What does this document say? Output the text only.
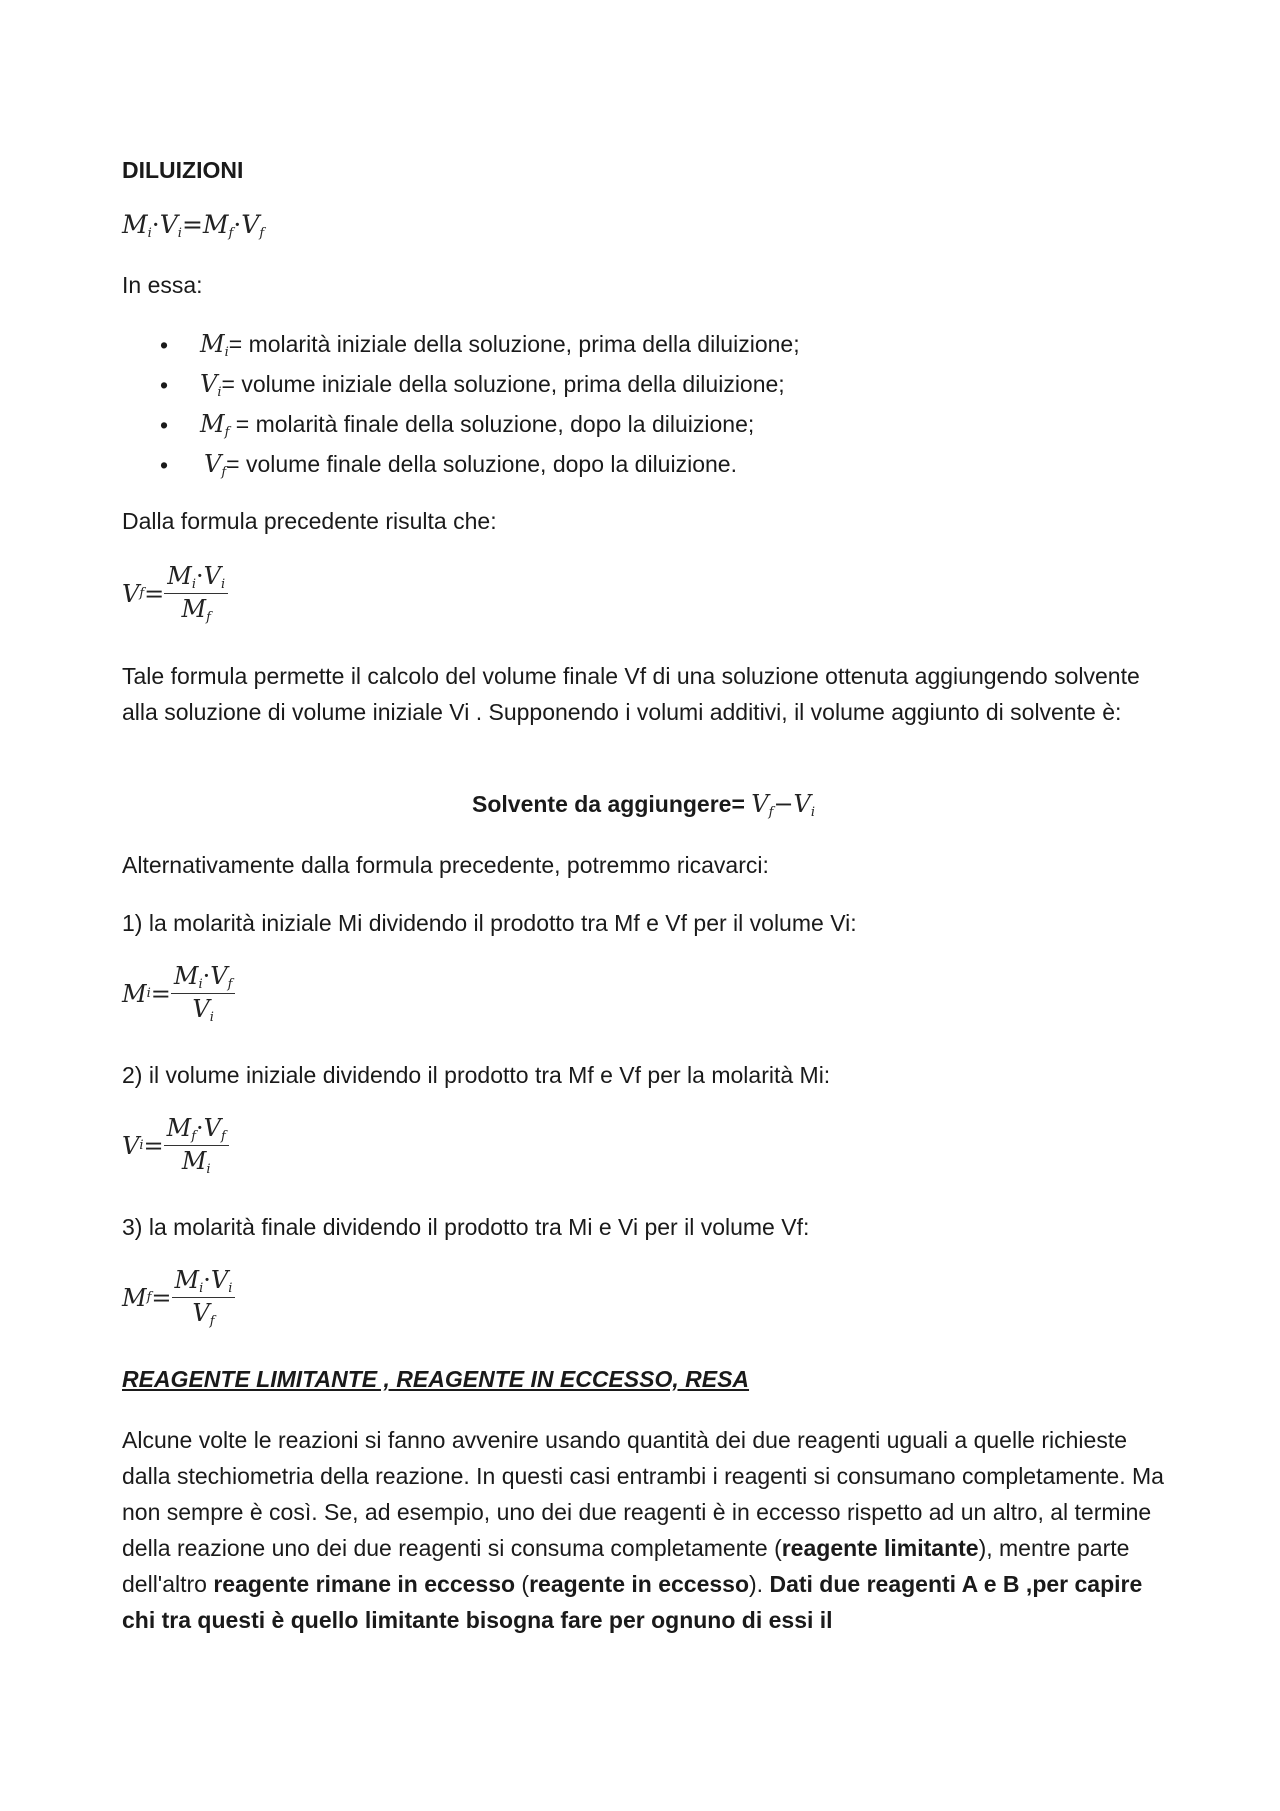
DILUIZIONI
$M_i\cdot V_i=M_f\cdot V_f$
In essa:
• $M_i=$ molarità iniziale della soluzione, prima della diluizione;
• $V_i=$ volume iniziale della soluzione, prima della diluizione;
• $M_f$ = molarità finale della soluzione, dopo la diluizione;
• $V_f=$ volume finale della soluzione, dopo la diluizione.
Dalla formula precedente risulta che:
V $f = \frac{M_i\cdot V_i}{M_f}$
Tale formula permette il calcolo del volume finale Vf di una soluzione ottenuta aggiungendo solvente alla soluzione di volume iniziale Vi . Supponendo i volumi additivi, il volume aggiunto di solvente è:
Solvente da aggiungere= $V_f-V_i$
Alternativamente dalla formula precedente, potremmo ricavarci:
1) la molarità iniziale Mi dividendo il prodotto tra Mf e Vf per il volume Vi:
M $i = \frac{M_i\cdot V_f}{V_i}$
2) il volume iniziale dividendo il prodotto tra Mf e Vf per la molarità Mi:
V $i = \frac{M_f\cdot V_f}{M_i}$
3) la molarità finale dividendo il prodotto tra Mi e Vi per il volume Vf:
M $f = \frac{M_i\cdot V_i}{V_f}$
REAGENTE LIMITANTE , REAGENTE IN ECCESSO, RESA
Alcune volte le reazioni si fanno avvenire usando quantità dei due reagenti uguali a quelle richieste dalla stechiometria della reazione. In questi casi entrambi i reagenti si consumano completamente. Ma non sempre è così. Se, ad esempio, uno dei due reagenti è in eccesso rispetto ad un altro, al termine della reazione uno dei due reagenti si consuma completamente (reagente limitante), mentre parte dell'altro reagente rimane in eccesso (reagente in eccesso). Dati due reagenti A e B ,per capire chi tra questi è quello limitante bisogna fare per ognuno di essi il
